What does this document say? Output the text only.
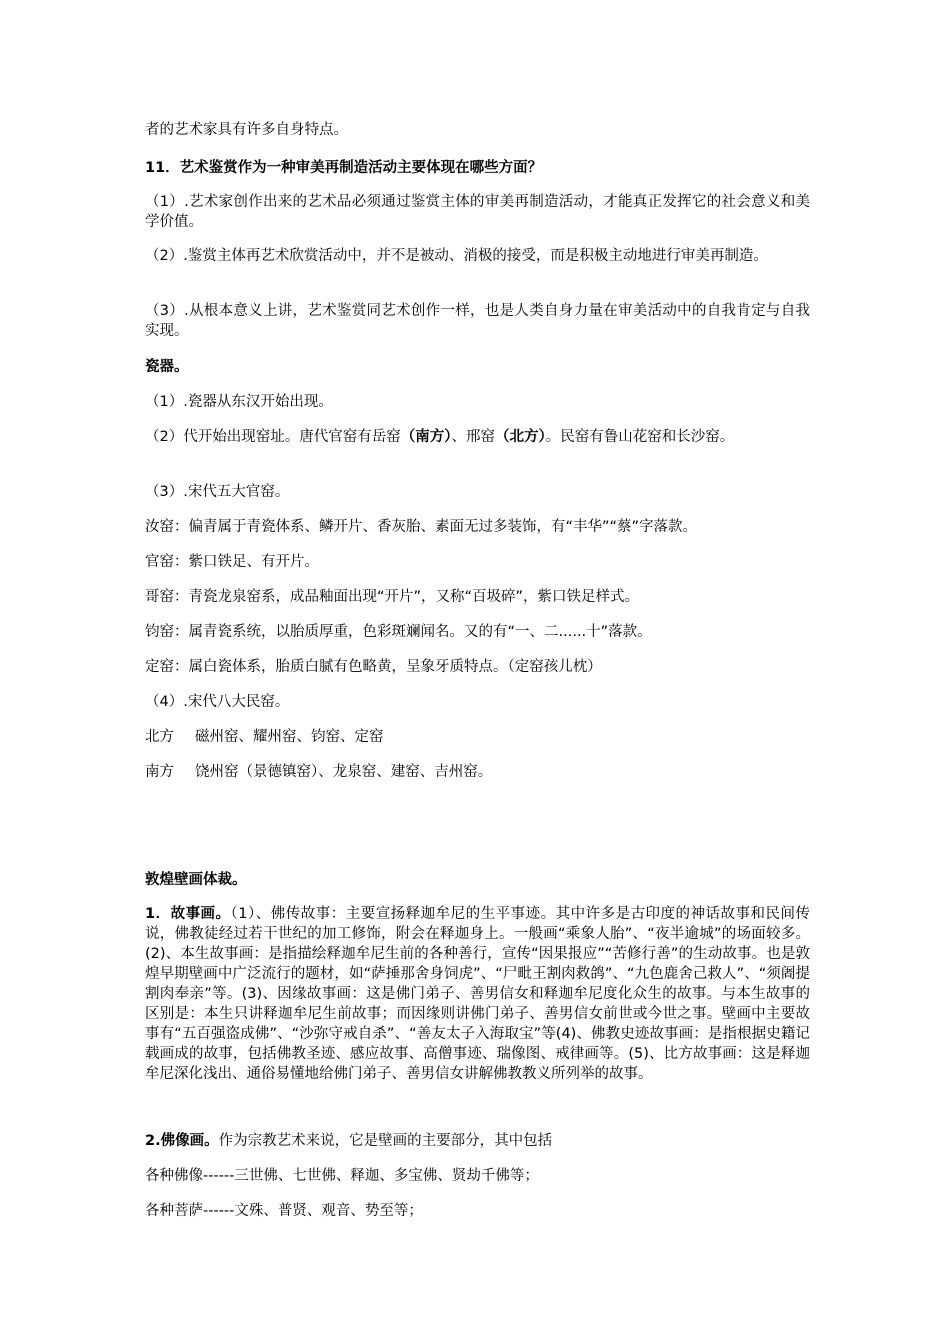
者的艺术家具有许多自身特点。

11．艺术鉴赏作为一种审美再制造活动主要体现在哪些方面？

（1）.艺术家创作出来的艺术品必须通过鉴赏主体的审美再制造活动，才能真正发挥它的社会意义和美学价值。

（2）.鉴赏主体再艺术欣赏活动中，并不是被动、消极的接受，而是积极主动地进行审美再制造。

（3）.从根本意义上讲，艺术鉴赏同艺术创作一样，也是人类自身力量在审美活动中的自我肯定与自我实现。

瓷器。

（1）.瓷器从东汉开始出现。

（2）代开始出现窑址。唐代官窑有岳窑（南方）、邢窑（北方）。民窑有鲁山花窑和长沙窑。

（3）.宋代五大官窑。

汝窑：偏青属于青瓷体系、鳞开片、香灰胎、素面无过多装饰，有“丰华”“蔡”字落款。

官窑：紫口铁足、有开片。

哥窑：青瓷龙泉窑系，成品釉面出现“开片”，又称“百圾碎”，紫口铁足样式。

钧窑：属青瓷系统，以胎质厚重，色彩斑斓闻名。又的有“一、二......十”落款。

定窑：属白瓷体系，胎质白腻有色略黄，呈象牙质特点。（定窑孩儿枕）

（4）.宋代八大民窑。

北方 磁州窑、耀州窑、钧窑、定窑

南方 饶州窑（景德镇窑）、龙泉窑、建窑、吉州窑。

敦煌壁画体裁。

1．故事画。（1）、佛传故事：主要宣扬释迦牟尼的生平事迹。其中许多是古印度的神话故事和民间传说，佛教徒经过若干世纪的加工修饰，附会在释迦身上。一般画“乘象人胎”、“夜半逾城”的场面较多。(2)、本生故事画：是指描绘释迦牟尼生前的各种善行，宣传“因果报应”“苦修行善”的生动故事。也是敦煌早期壁画中广泛流行的题材，如“萨捶那舍身饲虎”、“尸毗王割肉救鸽”、“九色鹿舍己救人”、“须阇提割肉奉亲”等。(3)、因缘故事画：这是佛门弟子、善男信女和释迦牟尼度化众生的故事。与本生故事的区别是：本生只讲释迦牟尼生前故事；而因缘则讲佛门弟子、善男信女前世或今世之事。壁画中主要故事有“五百强盗成佛”、“沙弥守戒自杀”、“善友太子入海取宝”等(4)、佛教史迹故事画：是指根据史籍记载画成的故事，包括佛教圣迹、感应故事、高僧事迹、瑞像图、戒律画等。(5)、比方故事画：这是释迦牟尼深化浅出、通俗易懂地给佛门弟子、善男信女讲解佛教教义所列举的故事。

2.佛像画。作为宗教艺术来说，它是壁画的主要部分，其中包括

各种佛像------三世佛、七世佛、释迦、多宝佛、贤劫千佛等；

各种菩萨------文殊、普贤、观音、势至等；
